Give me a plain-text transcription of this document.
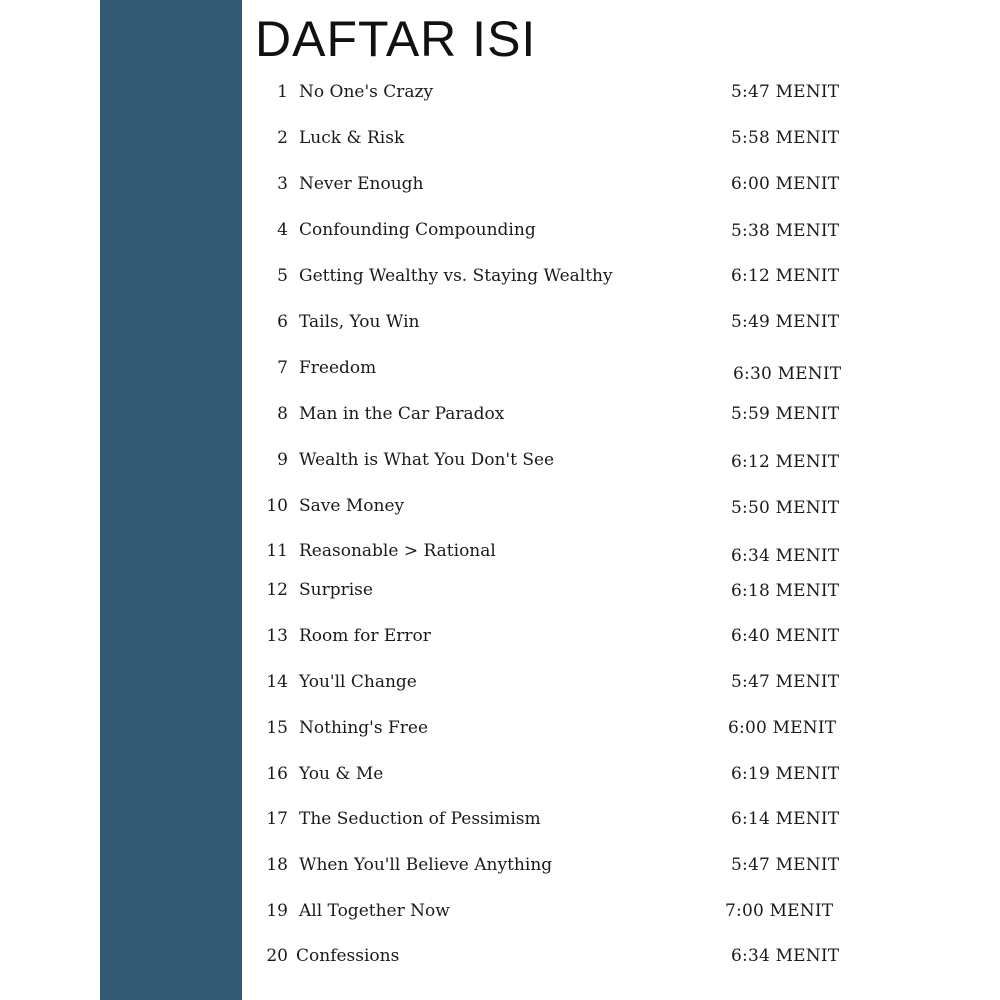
DAFTAR ISI
1 No One's Crazy	5:47 MENIT
2 Luck & Risk	5:58 MENIT
3 Never Enough	6:00 MENIT
4 Confounding Compounding	5:38 MENIT
5 Getting Wealthy vs. Staying Wealthy	6:12 MENIT
6 Tails, You Win	5:49 MENIT
7 Freedom	6:30 MENIT
8 Man in the Car Paradox	5:59 MENIT
9 Wealth is What You Don't See	6:12 MENIT
10 Save Money	5:50 MENIT
11 Reasonable > Rational	6:34 MENIT
12 Surprise	6:18 MENIT
13 Room for Error	6:40 MENIT
14 You'll Change	5:47 MENIT
15 Nothing's Free	6:00 MENIT
16 You & Me	6:19 MENIT
17 The Seduction of Pessimism	6:14 MENIT
18 When You'll Believe Anything	5:47 MENIT
19 All Together Now	7:00 MENIT
20 Confessions	6:34 MENIT
